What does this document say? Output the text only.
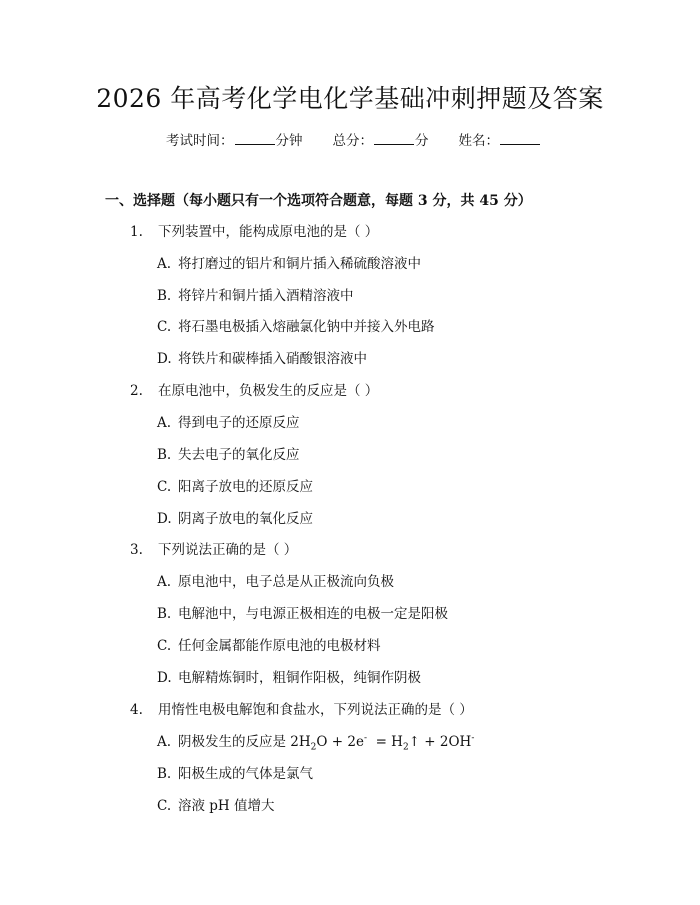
2026 年高考化学电化学基础冲刺押题及答案
考试时间：	分钟 总分：	分 姓名：
一、选择题（每小题只有一个选项符合题意，每题 3 分，共 45 分）
1. 下列装置中，能构成原电池的是（ ）
A. 将打磨过的铝片和铜片插入稀硫酸溶液中
B. 将锌片和铜片插入酒精溶液中
C. 将石墨电极插入熔融氯化钠中并接入外电路
D. 将铁片和碳棒插入硝酸银溶液中
2. 在原电池中，负极发生的反应是（ ）
A. 得到电子的还原反应
B. 失去电子的氧化反应
C. 阳离子放电的还原反应
D. 阴离子放电的氧化反应
3. 下列说法正确的是（ ）
A. 原电池中，电子总是从正极流向负极
B. 电解池中，与电源正极相连的电极一定是阳极
C. 任何金属都能作原电池的电极材料
D. 电解精炼铜时，粗铜作阳极，纯铜作阴极
4. 用惰性电极电解饱和食盐水，下列说法正确的是（ ）
A. 阴极发生的反应是 $2H_2O + 2e^-$  = $H_2↑ + 2OH^-$
B. 阳极生成的气体是氯气
C. 溶液 pH 值增大
